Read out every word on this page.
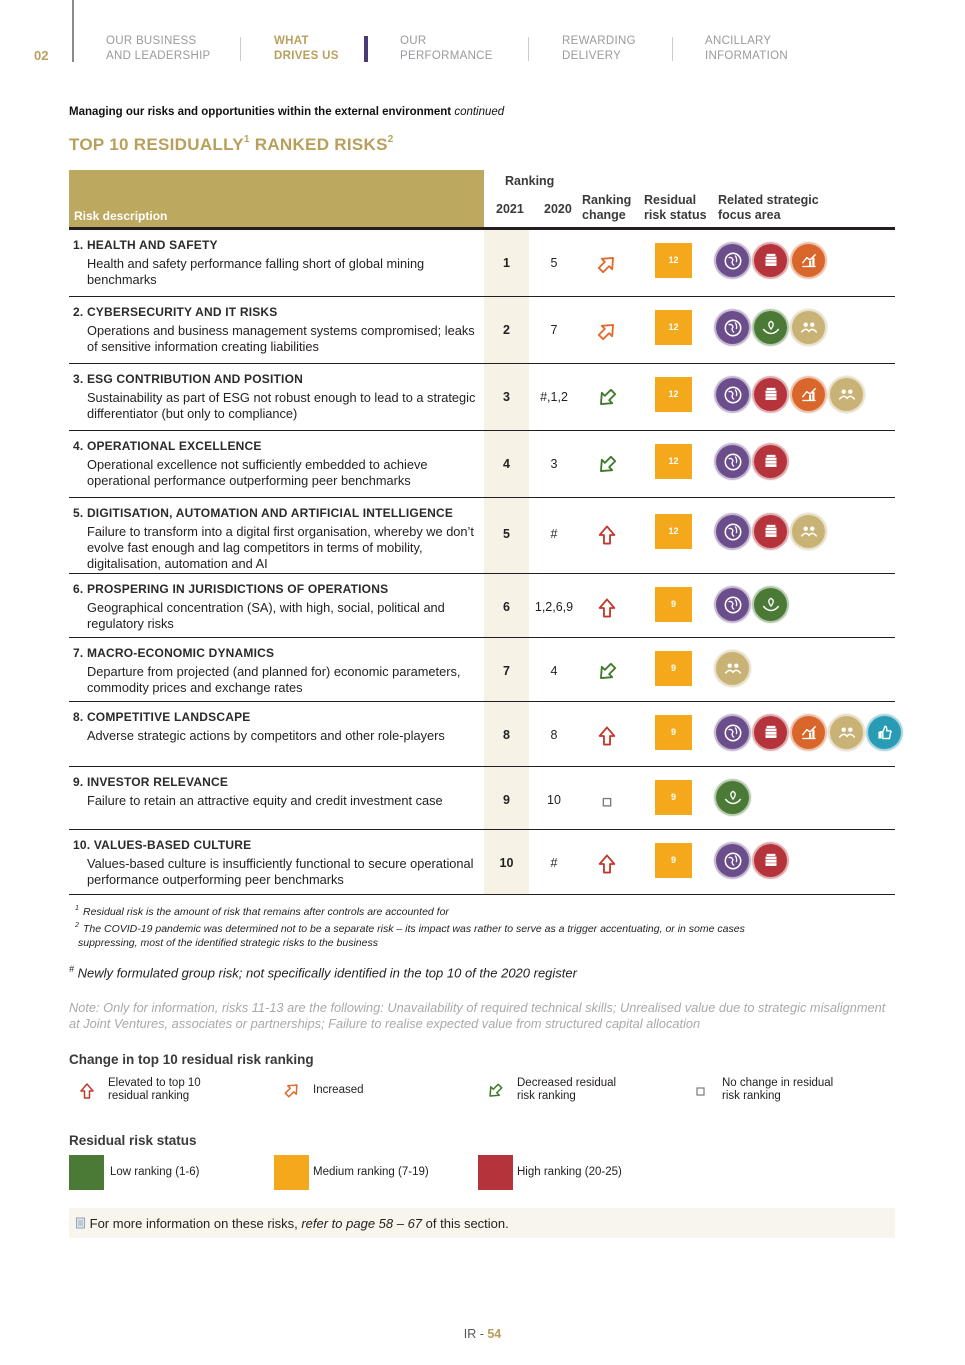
02
OUR BUSINESS
AND LEADERSHIP
WHAT
DRIVES US
OUR
PERFORMANCE
REWARDING
DELIVERY
ANCILLARY
INFORMATION
Managing our risks and opportunities within the external environment continued
TOP 10 RESIDUALLY$^1$ RANKED RISKS$^2$
Risk description
Ranking
2021 2020
Ranking
change
Residual
risk status
Related strategic
focus area
1. HEALTH AND SAFETY
Health and safety performance falling short of global mining benchmarks
1	5	12
2. CYBERSECURITY AND IT RISKS
Operations and business management systems compromised; leaks of sensitive information creating liabilities
2	7	12
3. ESG CONTRIBUTION AND POSITION
Sustainability as part of ESG not robust enough to lead to a strategic differentiator (but only to compliance)
3	#,1,2	12
4. OPERATIONAL EXCELLENCE
Operational excellence not sufficiently embedded to achieve operational performance outperforming peer benchmarks
4	3	12
5. DIGITISATION, AUTOMATION AND ARTIFICIAL INTELLIGENCE
Failure to transform into a digital first organisation, whereby we don’t evolve fast enough and lag competitors in terms of mobility, digitalisation, automation and AI
5	#	12
6. PROSPERING IN JURISDICTIONS OF OPERATIONS
Geographical concentration (SA), with high, social, political and regulatory risks
6	1,2,6,9	9
7. MACRO-ECONOMIC DYNAMICS
Departure from projected (and planned for) economic parameters, commodity prices and exchange rates
7	4	9
8. COMPETITIVE LANDSCAPE
Adverse strategic actions by competitors and other role-players	8	8	9
9. INVESTOR RELEVANCE
Failure to retain an attractive equity and credit investment case	9	10	9
10. VALUES-BASED CULTURE
Values-based culture is insufficiently functional to secure operational performance outperforming peer benchmarks
10	#	9
1 Residual risk is the amount of risk that remains after controls are accounted for
2 The COVID-19 pandemic was determined not to be a separate risk – its impact was rather to serve as a trigger accentuating, or in some cases
suppressing, most of the identified strategic risks to the business
# Newly formulated group risk; not specifically identified in the top 10 of the 2020 register
Note: Only for information, risks 11-13 are the following: Unavailability of required technical skills; Unrealised value due to strategic misalignment at Joint Ventures, associates or partnerships; Failure to realise expected value from structured capital allocation
Change in top 10 residual risk ranking
Elevated to top 10
residual ranking	Increased
Decreased residual
risk ranking
No change in residual
risk ranking
Residual risk status
Low ranking (1-6)	Medium ranking (7-19)	High ranking (20-25)
For more information on these risks, refer to page 58 – 67 of this section.
IR - 54
